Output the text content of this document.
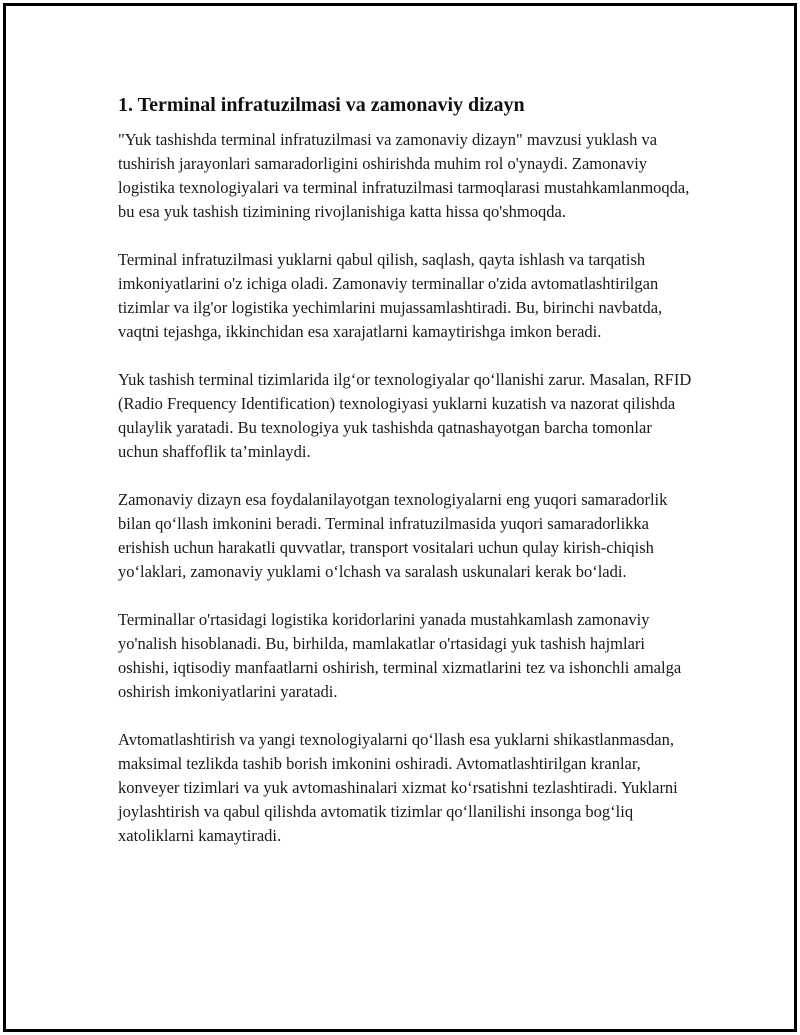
1. Terminal infratuzilmasi va zamonaviy dizayn

"Yuk tashishda terminal infratuzilmasi va zamonaviy dizayn" mavzusi yuklash va tushirish jarayonlari samaradorligini oshirishda muhim rol o'ynaydi. Zamonaviy logistika texnologiyalari va terminal infratuzilmasi tarmoqlarasi mustahkamlanmoqda, bu esa yuk tashish tizimining rivojlanishiga katta hissa qo'shmoqda.

Terminal infratuzilmasi yuklarni qabul qilish, saqlash, qayta ishlash va tarqatish imkoniyatlarini o'z ichiga oladi. Zamonaviy terminallar o'zida avtomatlashtirilgan tizimlar va ilg'or logistika yechimlarini mujassamlashtiradi. Bu, birinchi navbatda, vaqtni tejashga, ikkinchidan esa xarajatlarni kamaytirishga imkon beradi.

Yuk tashish terminal tizimlarida ilg‘or texnologiyalar qo‘llanishi zarur. Masalan, RFID (Radio Frequency Identification) texnologiyasi yuklarni kuzatish va nazorat qilishda qulaylik yaratadi. Bu texnologiya yuk tashishda qatnashayotgan barcha tomonlar uchun shaffoflik ta’minlaydi.

Zamonaviy dizayn esa foydalanilayotgan texnologiyalarni eng yuqori samaradorlik bilan qo‘llash imkonini beradi. Terminal infratuzilmasida yuqori samaradorlikka erishish uchun harakatli quvvatlar, transport vositalari uchun qulay kirish-chiqish yo‘laklari, zamonaviy yuklami o‘lchash va saralash uskunalari kerak bo‘ladi.

Terminallar o'rtasidagi logistika koridorlarini yanada mustahkamlash zamonaviy yo'nalish hisoblanadi. Bu, birhilda, mamlakatlar o'rtasidagi yuk tashish hajmlari oshishi, iqtisodiy manfaatlarni oshirish, terminal xizmatlarini tez va ishonchli amalga oshirish imkoniyatlarini yaratadi.

Avtomatlashtirish va yangi texnologiyalarni qo‘llash esa yuklarni shikastlanmasdan, maksimal tezlikda tashib borish imkonini oshiradi. Avtomatlashtirilgan kranlar, konveyer tizimlari va yuk avtomashinalari xizmat ko‘rsatishni tezlashtiradi. Yuklarni joylashtirish va qabul qilishda avtomatik tizimlar qo‘llanilishi insonga bog‘liq xatoliklarni kamaytiradi.
